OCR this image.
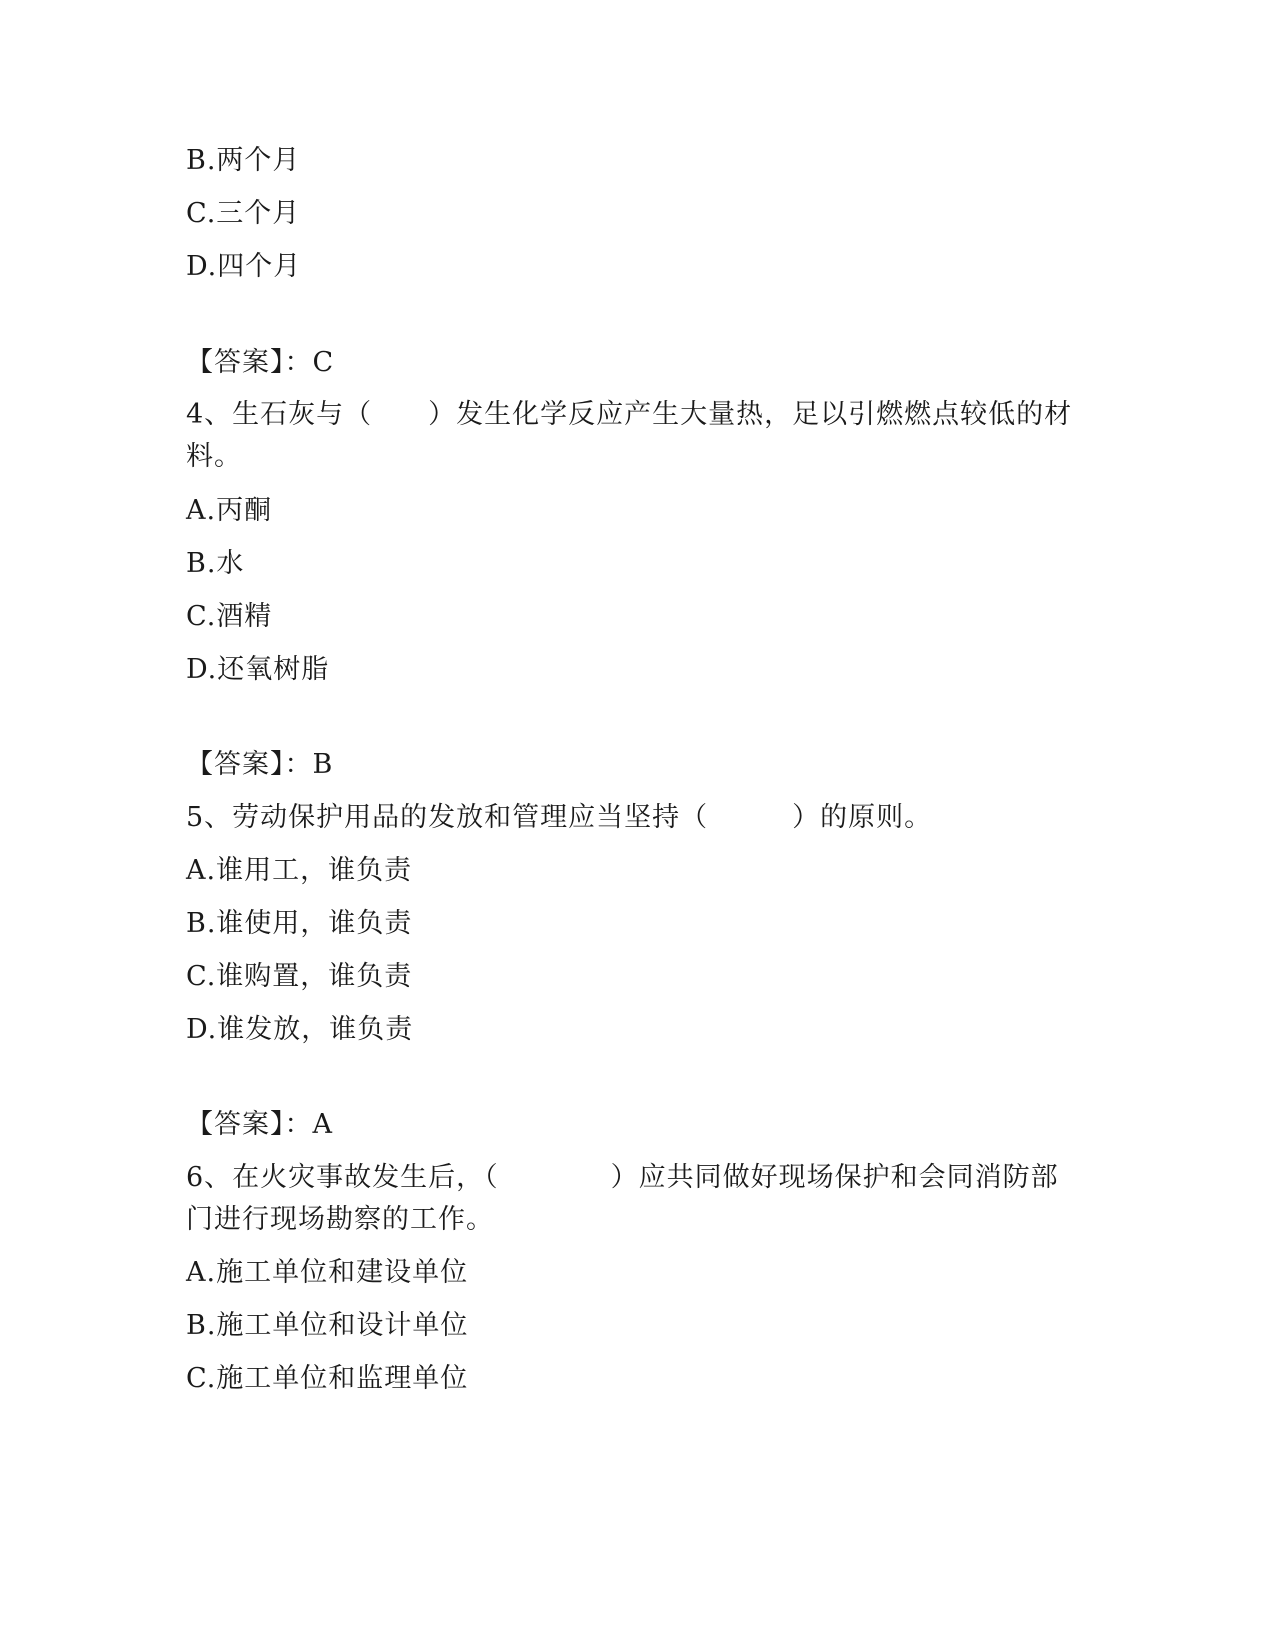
B.两个月
C.三个月
D.四个月
【答案】：C
4、生石灰与（　　）发生化学反应产生大量热，足以引燃燃点较低的材
料。
A.丙酮
B.水
C.酒精
D.还氧树脂
【答案】：B
5、劳动保护用品的发放和管理应当坚持（　　　）的原则。
A.谁用工，谁负责
B.谁使用，谁负责
C.谁购置，谁负责
D.谁发放，谁负责
【答案】：A
6、在火灾事故发生后，（　　　　）应共同做好现场保护和会同消防部
门进行现场勘察的工作。
A.施工单位和建设单位
B.施工单位和设计单位
C.施工单位和监理单位
